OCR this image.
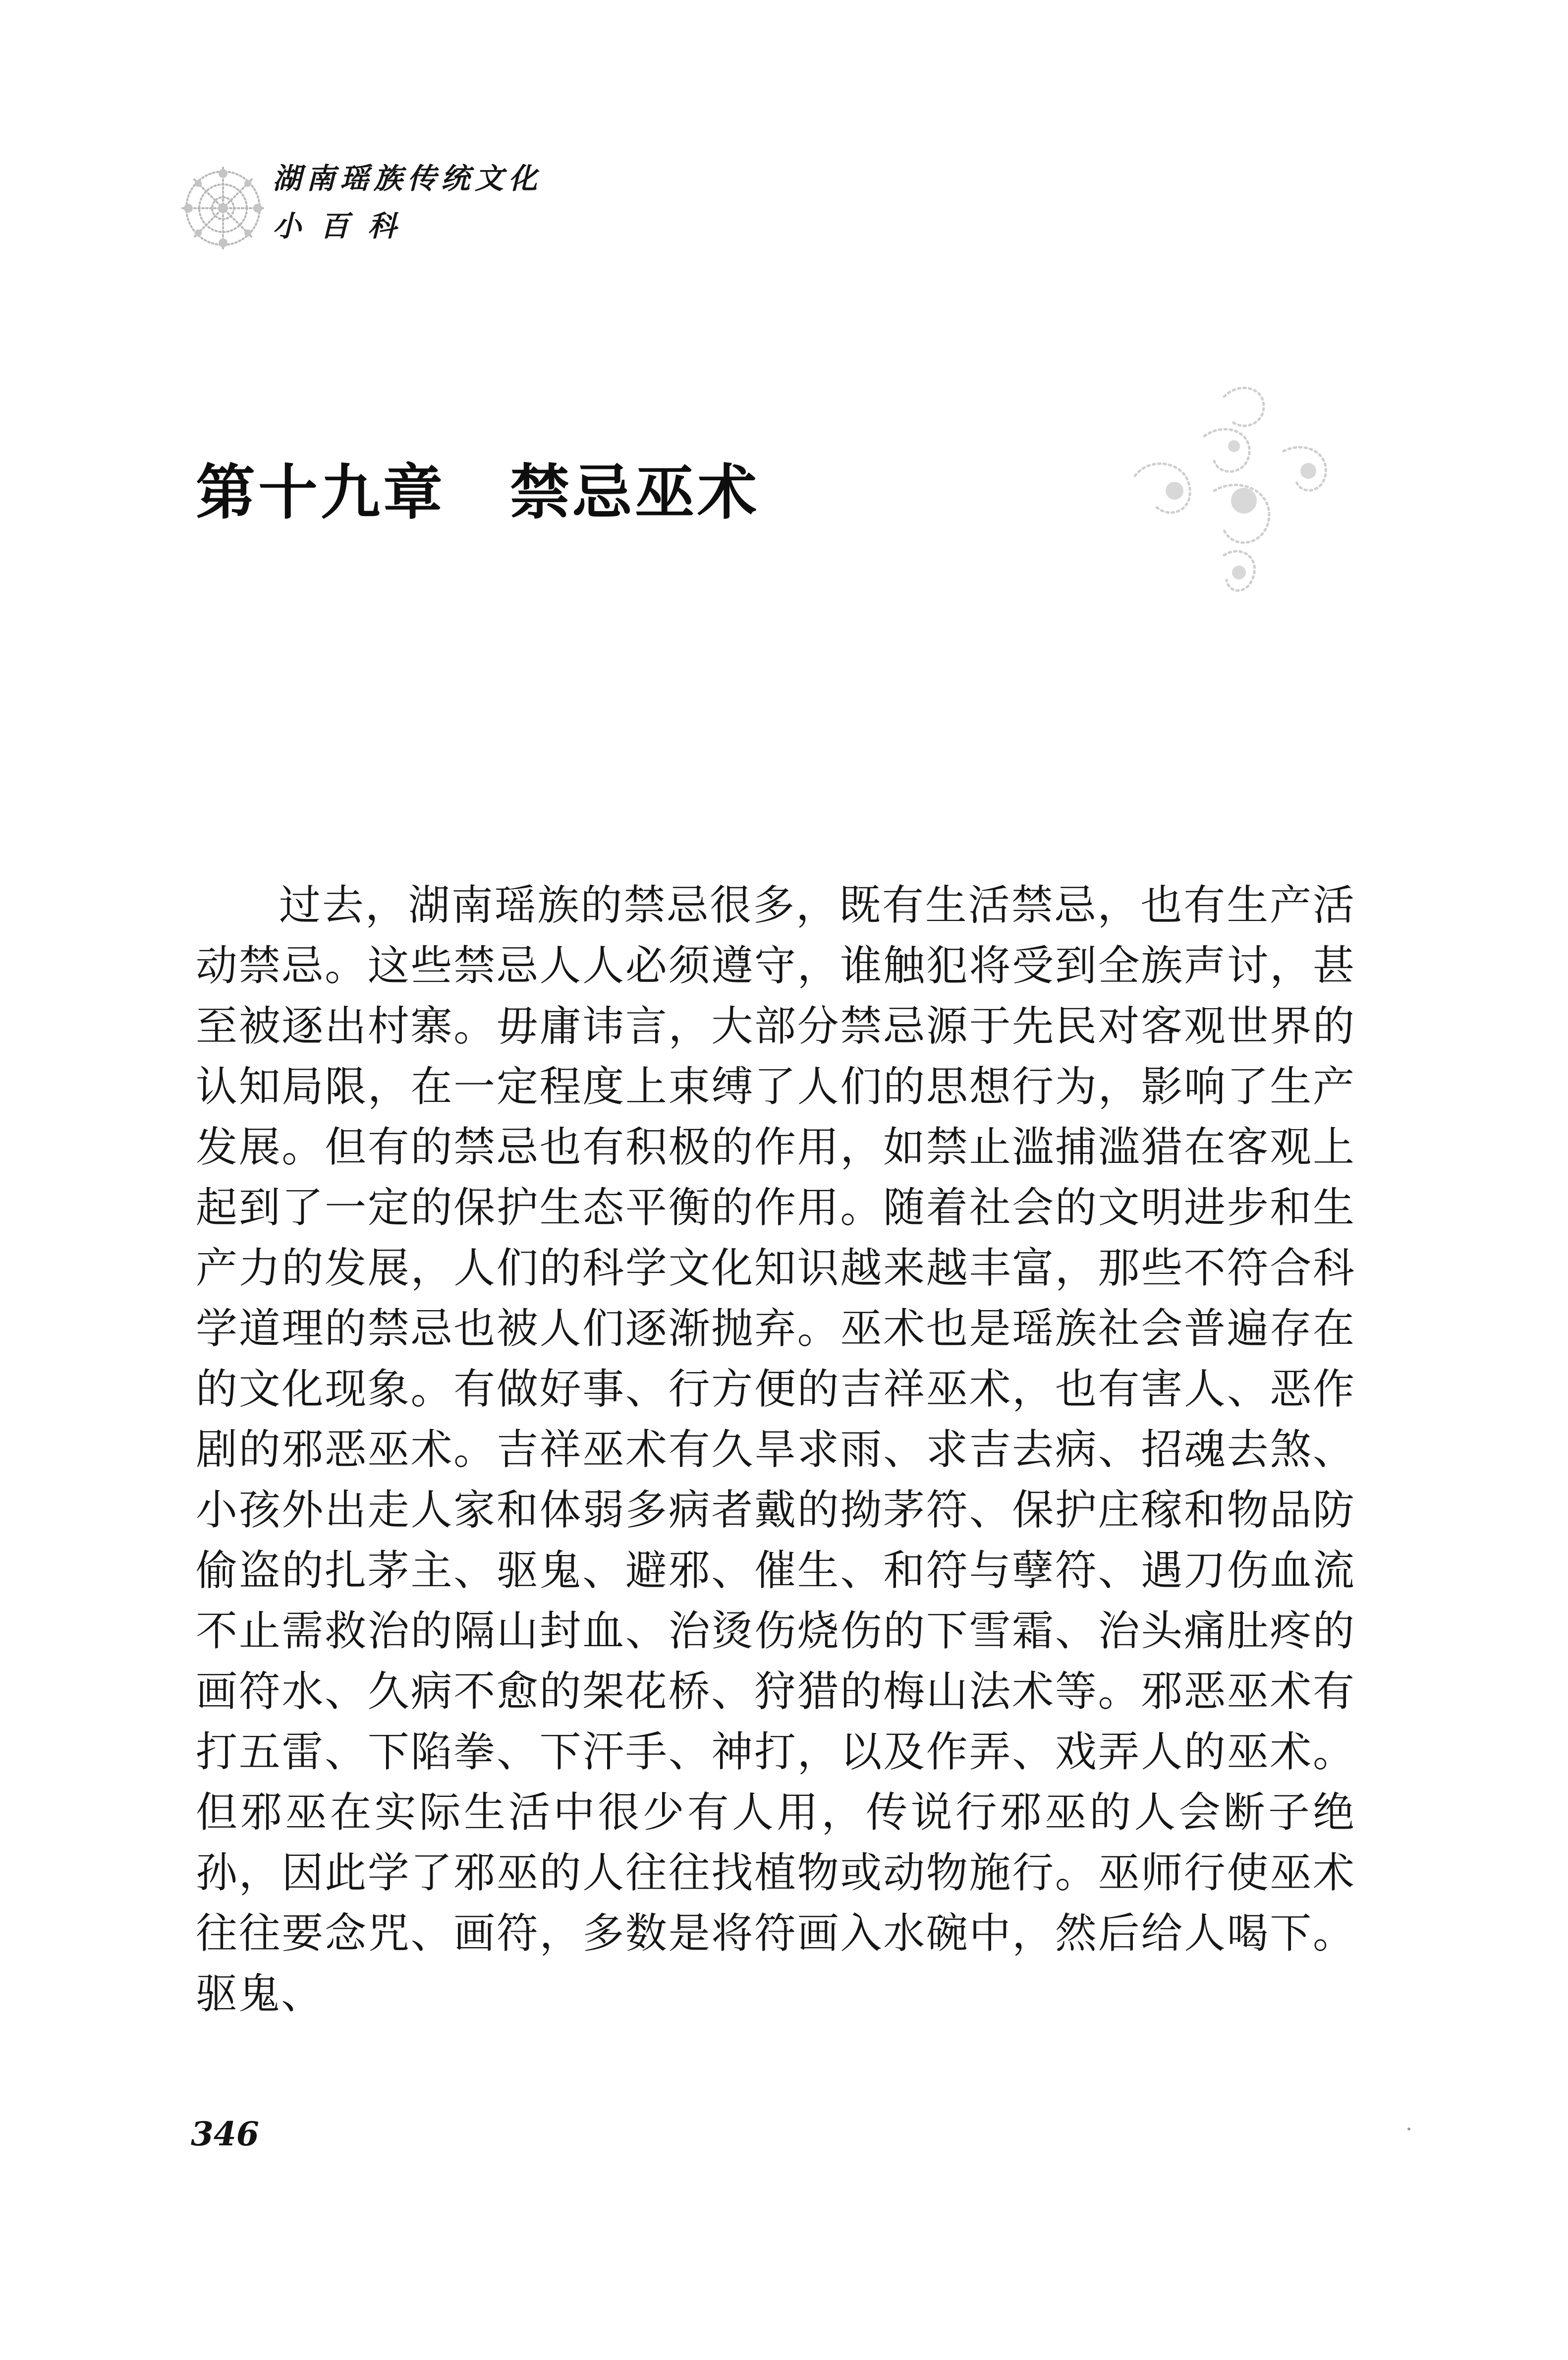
湖南瑶族传统文化
小百科
第十九章 禁忌巫术

过去，湖南瑶族的禁忌很多，既有生活禁忌，也有生产活动禁忌。这些禁忌人人必须遵守，谁触犯将受到全族声讨，甚至被逐出村寨。毋庸讳言，大部分禁忌源于先民对客观世界的认知局限，在一定程度上束缚了人们的思想行为，影响了生产发展。但有的禁忌也有积极的作用，如禁止滥捕滥猎在客观上起到了一定的保护生态平衡的作用。随着社会的文明进步和生产力的发展，人们的科学文化知识越来越丰富，那些不符合科学道理的禁忌也被人们逐渐抛弃。巫术也是瑶族社会普遍存在的文化现象。有做好事、行方便的吉祥巫术，也有害人、恶作剧的邪恶巫术。吉祥巫术有久旱求雨、求吉去病、招魂去煞、小孩外出走人家和体弱多病者戴的拗茅符、保护庄稼和物品防偷盗的扎茅主、驱鬼、避邪、催生、和符与孽符、遇刀伤血流不止需救治的隔山封血、治烫伤烧伤的下雪霜、治头痛肚疼的画符水、久病不愈的架花桥、狩猎的梅山法术等。邪恶巫术有打五雷、下陷拳、下汗手、神打，以及作弄、戏弄人的巫术。但邪巫在实际生活中很少有人用，传说行邪巫的人会断子绝孙，因此学了邪巫的人往往找植物或动物施行。巫师行使巫术往往要念咒、画符，多数是将符画入水碗中，然后给人喝下。驱鬼、

346
